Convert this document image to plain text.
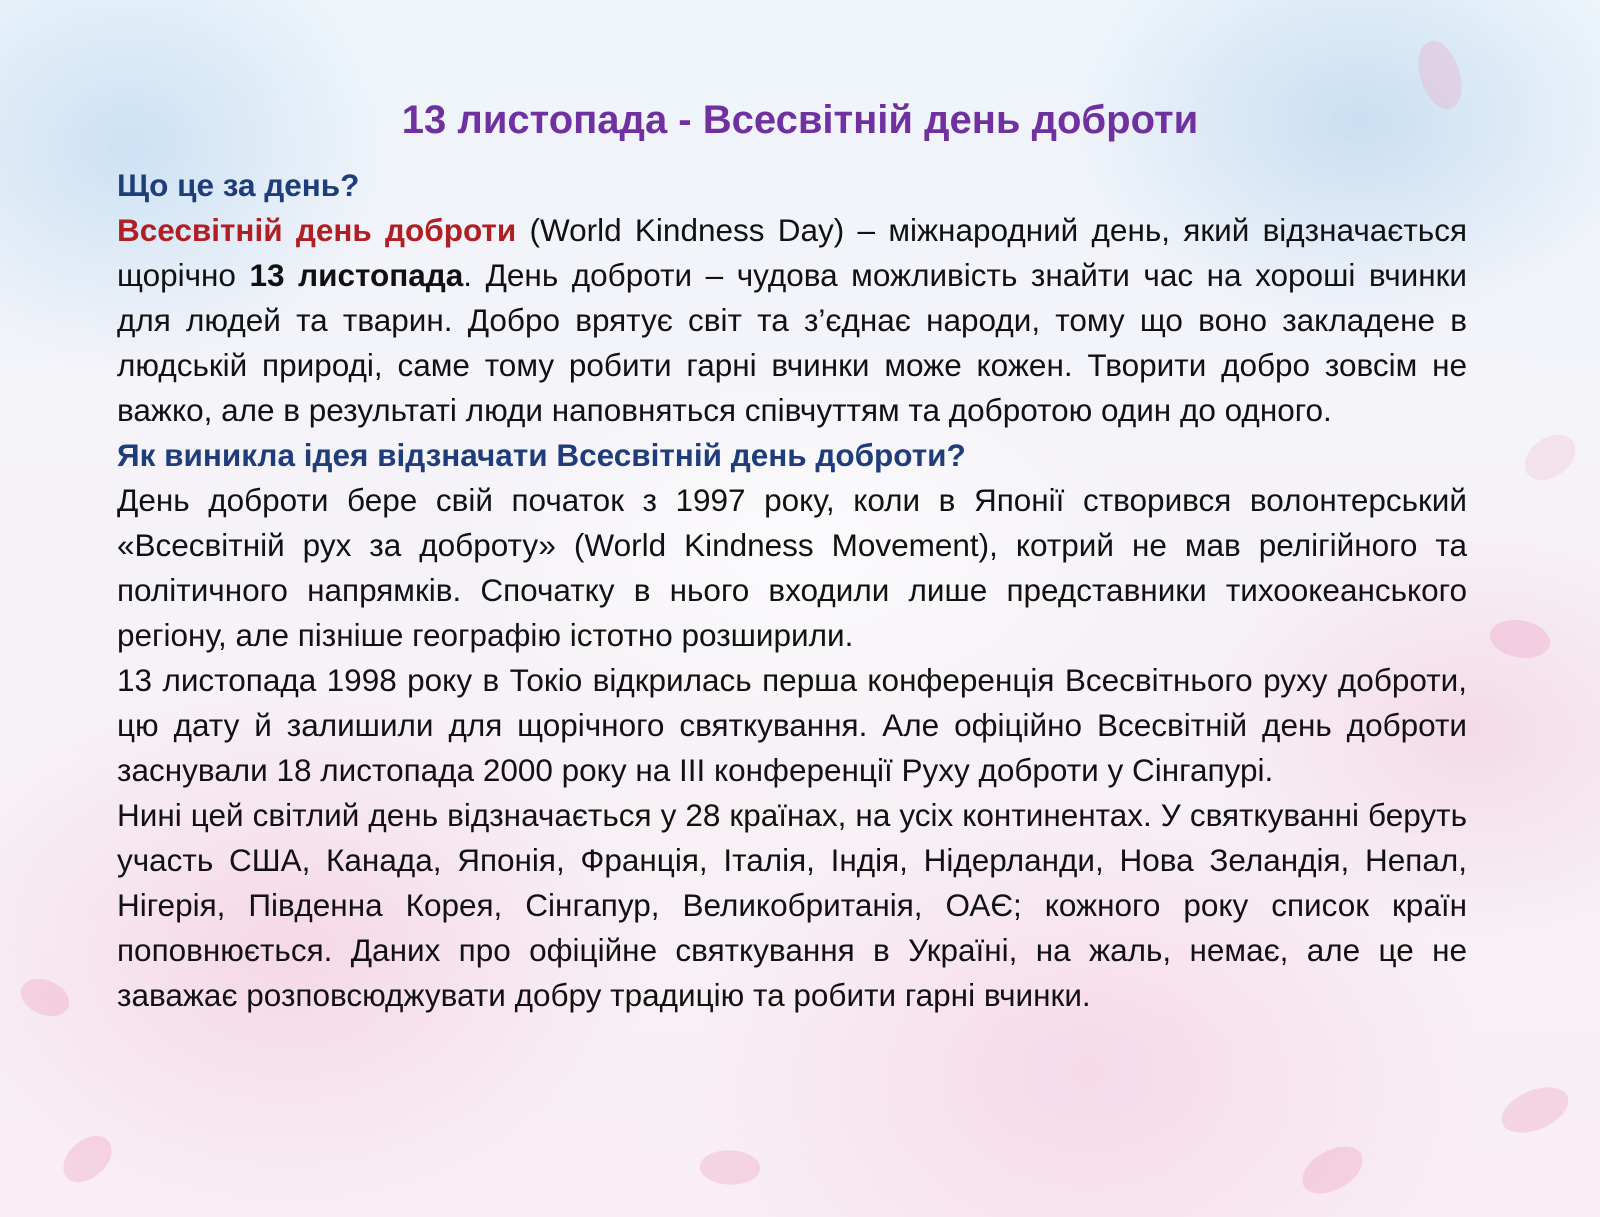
13 листопада - Всесвітній день доброти
Що це за день?

Всесвітній день доброти (World Kindness Day) – міжнародний день, який відзначається щорічно 13 листопада. День доброти – чудова можливість знайти час на хороші вчинки для людей та тварин. Добро врятує світ та з’єднає народи, тому що воно закладене в людській природі, саме тому робити гарні вчинки може кожен. Творити добро зовсім не важко, але в результаті люди наповняться співчуттям та добротою один до одного.

Як виникла ідея відзначати Всесвітній день доброти?

День доброти бере свій початок з 1997 року, коли в Японії створився волонтерський «Всесвітній рух за доброту» (World Kindness Movement), котрий не мав релігійного та політичного напрямків. Спочатку в нього входили лише представники тихоокеанського регіону, але пізніше географію істотно розширили.

13 листопада 1998 року в Токіо відкрилась перша конференція Всесвітнього руху доброти, цю дату й залишили для щорічного святкування. Але офіційно Всесвітній день доброти заснували 18 листопада 2000 року на ІІІ конференції Руху доброти у Сінгапурі.

Нині цей світлий день відзначається у 28 країнах, на усіх континентах. У святкуванні беруть участь США, Канада, Японія, Франція, Італія, Індія, Нідерланди, Нова Зеландія, Непал, Нігерія, Південна Корея, Сінгапур, Великобританія, ОАЄ; кожного року список країн поповнюється. Даних про офіційне святкування в Україні, на жаль, немає, але це не заважає розповсюджувати добру традицію та робити гарні вчинки.
